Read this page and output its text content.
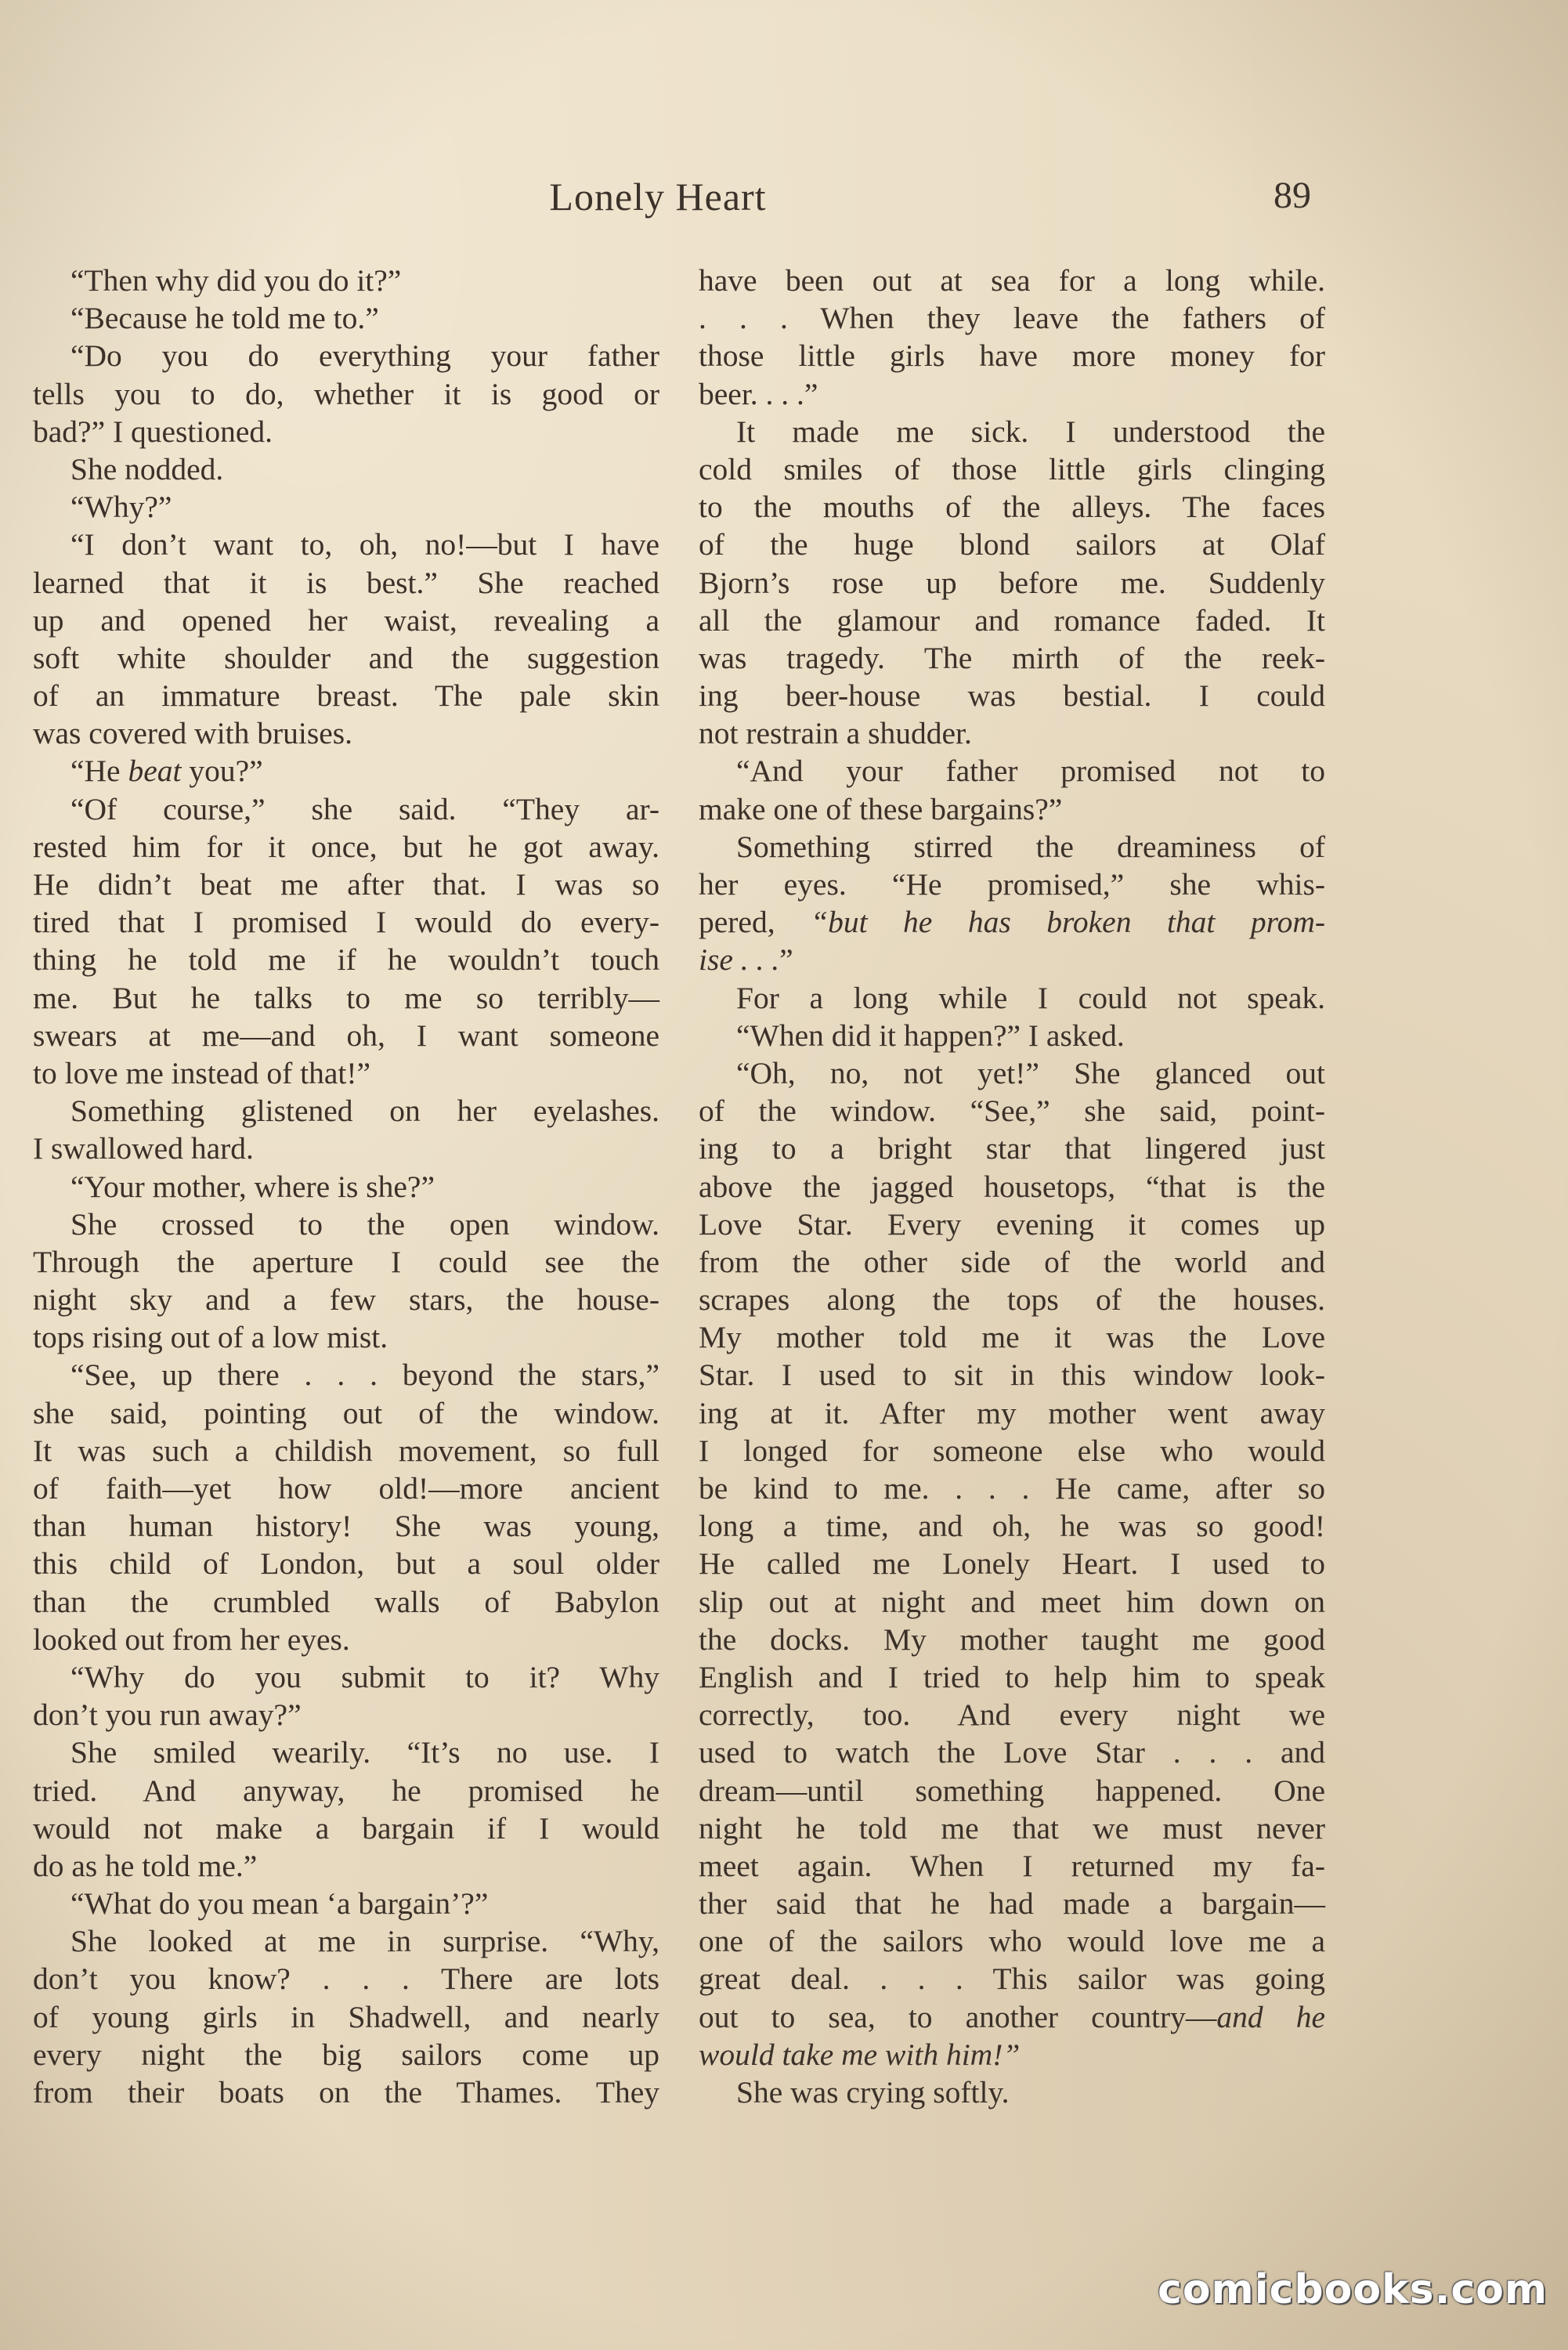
Lonely Heart	89
“Then why did you do it?”
“Because he told me to.”
“Do you do everything your father
tells you to do, whether it is good or
bad?” I questioned.
She nodded.
“Why?”
“I don’t want to, oh, no!—but I have
learned that it is best.” She reached
up and opened her waist, revealing a
soft white shoulder and the suggestion
of an immature breast. The pale skin
was covered with bruises.
“He beat you?”
“Of course,” she said. “They ar-
rested him for it once, but he got away.
He didn’t beat me after that. I was so
tired that I promised I would do every-
thing he told me if he wouldn’t touch
me. But he talks to me so terribly—
swears at me—and oh, I want someone
to love me instead of that!”
Something glistened on her eyelashes.
I swallowed hard.
“Your mother, where is she?”
She crossed to the open window.
Through the aperture I could see the
night sky and a few stars, the house-
tops rising out of a low mist.
“See, up there . . . beyond the stars,”
she said, pointing out of the window.
It was such a childish movement, so full
of faith—yet how old!—more ancient
than human history! She was young,
this child of London, but a soul older
than the crumbled walls of Babylon
looked out from her eyes.
“Why do you submit to it? Why
don’t you run away?”
She smiled wearily. “It’s no use. I
tried. And anyway, he promised he
would not make a bargain if I would
do as he told me.”
“What do you mean ‘a bargain’?”
She looked at me in surprise. “Why,
don’t you know? . . . There are lots
of young girls in Shadwell, and nearly
every night the big sailors come up
from their boats on the Thames. They
have been out at sea for a long while.
. . . When they leave the fathers of
those little girls have more money for
beer. . . .”
It made me sick. I understood the
cold smiles of those little girls clinging
to the mouths of the alleys. The faces
of the huge blond sailors at Olaf
Bjorn’s rose up before me. Suddenly
all the glamour and romance faded. It
was tragedy. The mirth of the reek-
ing beer-house was bestial. I could
not restrain a shudder.
“And your father promised not to
make one of these bargains?”
Something stirred the dreaminess of
her eyes. “He promised,” she whis-
pered, “but he has broken that prom-
ise . . .”
For a long while I could not speak.
“When did it happen?” I asked.
“Oh, no, not yet!” She glanced out
of the window. “See,” she said, point-
ing to a bright star that lingered just
above the jagged housetops, “that is the
Love Star. Every evening it comes up
from the other side of the world and
scrapes along the tops of the houses.
My mother told me it was the Love
Star. I used to sit in this window look-
ing at it. After my mother went away
I longed for someone else who would
be kind to me. . . . He came, after so
long a time, and oh, he was so good!
He called me Lonely Heart. I used to
slip out at night and meet him down on
the docks. My mother taught me good
English and I tried to help him to speak
correctly, too. And every night we
used to watch the Love Star . . . and
dream—until something happened. One
night he told me that we must never
meet again. When I returned my fa-
ther said that he had made a bargain—
one of the sailors who would love me a
great deal. . . . This sailor was going
out to sea, to another country—and he
would take me with him!”
She was crying softly.
comicbooks.com
